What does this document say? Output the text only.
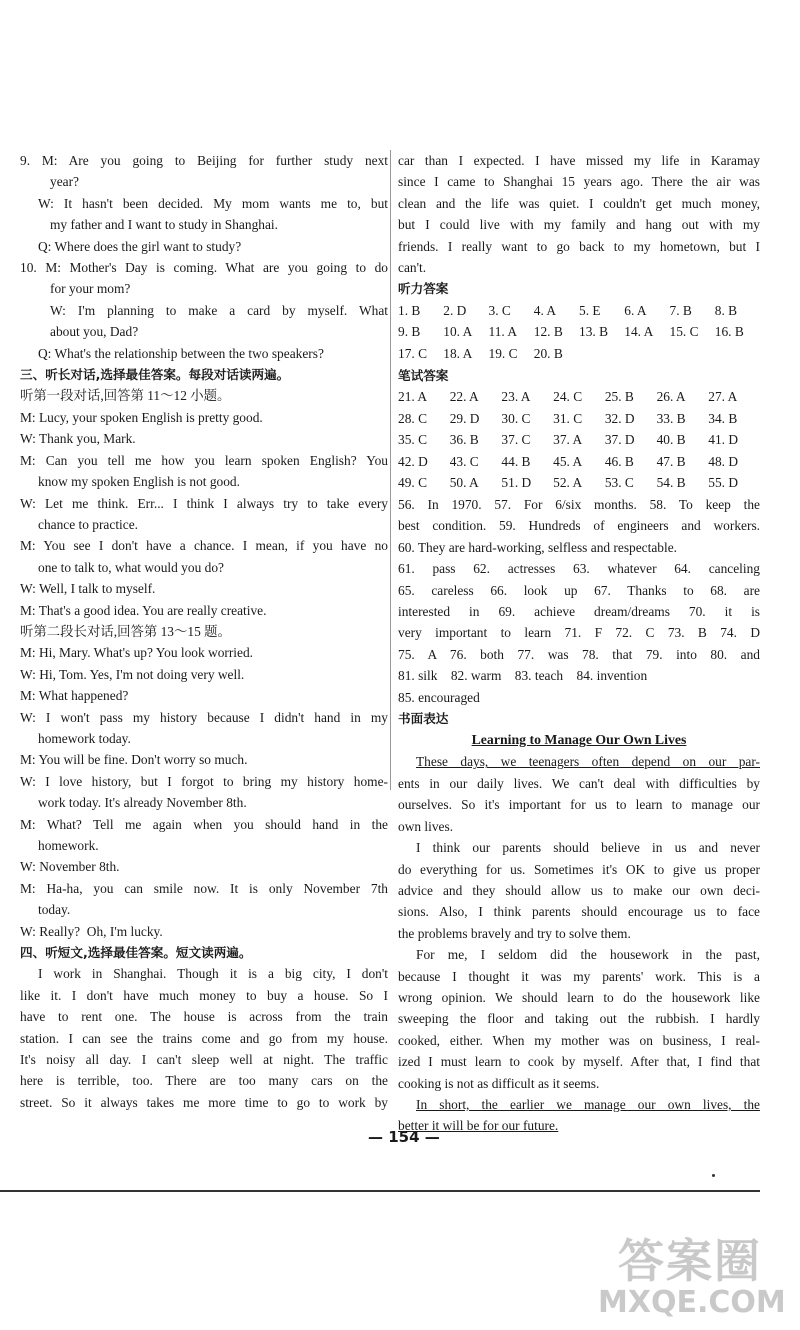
9. M: Are you going to Beijing for further study next
year?
W: It hasn't been decided. My mom wants me to, but
my father and I want to study in Shanghai.
Q: Where does the girl want to study?
10. M: Mother's Day is coming. What are you going to do
for your mom?
W: I'm planning to make a card by myself. What
about you, Dad?
Q: What's the relationship between the two speakers?
三、听长对话,选择最佳答案。每段对话读两遍。
听第一段对话,回答第 11～12 小题。
M: Lucy, your spoken English is pretty good.
W: Thank you, Mark.
M: Can you tell me how you learn spoken English? You
know my spoken English is not good.
W: Let me think. Err... I think I always try to take every
chance to practice.
M: You see I don't have a chance. I mean, if you have no
one to talk to, what would you do?
W: Well, I talk to myself.
M: That's a good idea. You are really creative.
听第二段长对话,回答第 13～15 题。
M: Hi, Mary. What's up? You look worried.
W: Hi, Tom. Yes, I'm not doing very well.
M: What happened?
W: I won't pass my history because I didn't hand in my
homework today.
M: You will be fine. Don't worry so much.
W: I love history, but I forgot to bring my history home-
work today. It's already November 8th.
M: What? Tell me again when you should hand in the
homework.
W: November 8th.
M: Ha-ha, you can smile now. It is only November 7th
today.
W: Really?  Oh, I'm lucky.
四、听短文,选择最佳答案。短文读两遍。
I work in Shanghai. Though it is a big city, I don't
like it. I don't have much money to buy a house. So I
have to rent one. The house is across from the train
station. I can see the trains come and go from my house.
It's noisy all day. I can't sleep well at night. The traffic
here is terrible, too. There are too many cars on the
street. So it always takes me more time to go to work by
car than I expected. I have missed my life in Karamay
since I came to Shanghai 15 years ago. There the air was
clean and the life was quiet. I couldn't get much money,
but I could live with my family and hang out with my
friends. I really want to go back to my hometown, but I
can't.
听力答案
1. B	2. D	3. C	4. A	5. E	6. A	7. B	8. B
9. B	10. A	11. A	12. B	13. B	14. A	15. C	16. B
17. C	18. A	19. C	20. B
笔试答案
21. A	22. A	23. A	24. C	25. B	26. A	27. A
28. C	29. D	30. C	31. C	32. D	33. B	34. B
35. C	36. B	37. C	37. A	37. D	40. B	41. D
42. D	43. C	44. B	45. A	46. B	47. B	48. D
49. C	50. A	51. D	52. A	53. C	54. B	55. D
56. In 1970. 57. For 6/six months. 58. To keep the
best condition. 59. Hundreds of engineers and workers.
60. They are hard-working, selfless and respectable.
61. pass 62. actresses 63. whatever 64. canceling
65. careless 66. look up 67. Thanks to 68. are
interested in 69. achieve dream/dreams 70. it is
very important to learn 71. F 72. C 73. B 74. D
75. A 76. both 77. was 78. that 79. into 80. and
81. silk    82. warm    83. teach    84. invention
85. encouraged
书面表达
Learning to Manage Our Own Lives
These days, we teenagers often depend on our par-
ents in our daily lives. We can't deal with difficulties by
ourselves. So it's important for us to learn to manage our
own lives.
I think our parents should believe in us and never
do everything for us. Sometimes it's OK to give us proper
advice and they should allow us to make our own deci-
sions. Also, I think parents should encourage us to face
the problems bravely and try to solve them.
For me, I seldom did the housework in the past,
because I thought it was my parents' work. This is a
wrong opinion. We should learn to do the housework like
sweeping the floor and taking out the rubbish. I hardly
cooked, either. When my mother was on business, I real-
ized I must learn to cook by myself. After that, I find that
cooking is not as difficult as it seems.
In short, the earlier we manage our own lives, the
better it will be for our future.
— 154 —
答案圈
MXQE.COM
